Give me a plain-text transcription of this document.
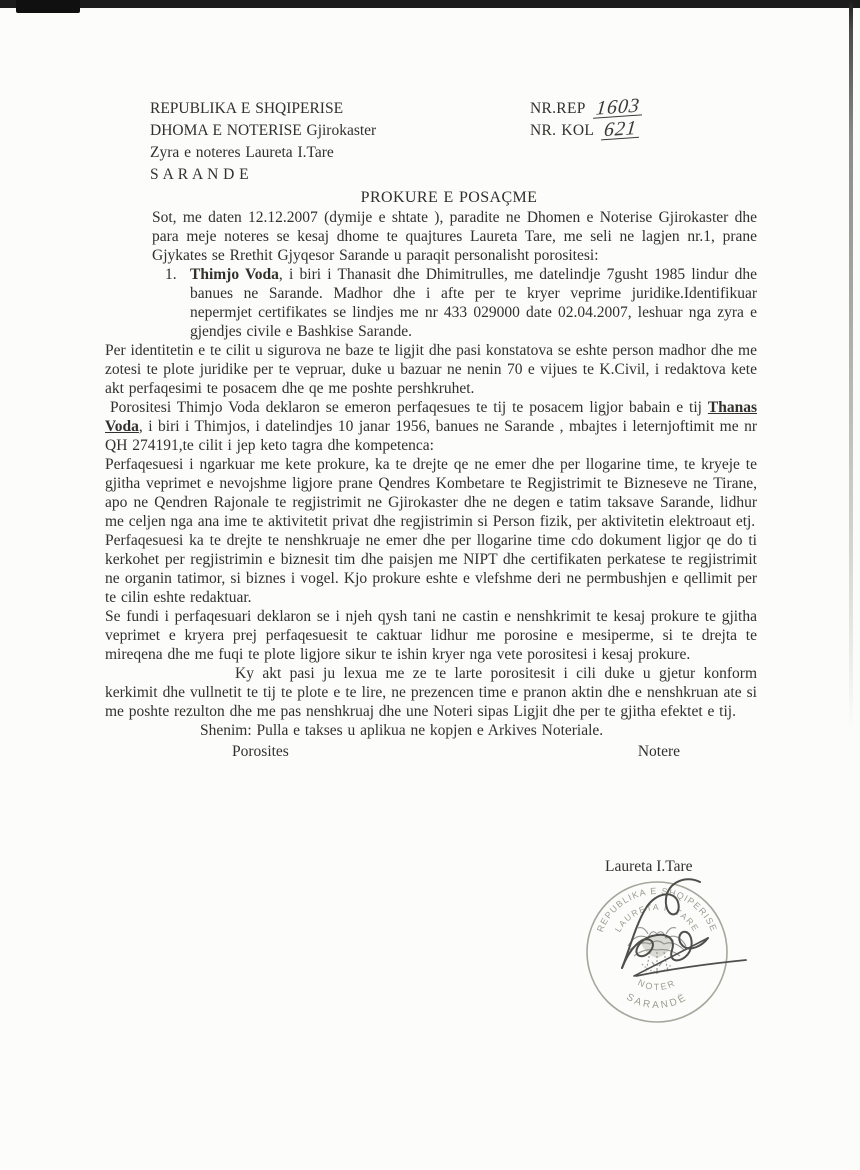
REPUBLIKA E SHQIPERISE
DHOMA E NOTERISE Gjirokaster
Zyra e noteres Laureta I.Tare
S A R A N D E
NR.REP 1603
NR. KOL 621
PROKURE E POSAÇME

Sot, me daten 12.12.2007 (dymije e shtate ), paradite ne Dhomen e Noterise Gjirokaster dhe para meje noteres se kesaj dhome te quajtures Laureta Tare, me seli ne lagjen nr.1, prane Gjykates se Rrethit Gjyqesor Sarande u paraqit personalisht porositesi:

1. Thimjo Voda, i biri i Thanasit dhe Dhimitrulles, me datelindje 7gusht 1985 lindur dhe banues ne Sarande. Madhor dhe i afte per te kryer veprime juridike.Identifikuar nepermjet certifikates se lindjes me nr 433 029000 date 02.04.2007, leshuar nga zyra e gjendjes civile e Bashkise Sarande.

Per identitetin e te cilit u sigurova ne baze te ligjit dhe pasi konstatova se eshte person madhor dhe me zotesi te plote juridike per te vepruar, duke u bazuar ne nenin 70 e vijues te K.Civil, i redaktova kete akt perfaqesimi te posacem dhe qe me poshte pershkruhet.

Porositesi Thimjo Voda deklaron se emeron perfaqesues te tij te posacem ligjor babain e tij Thanas Voda, i biri i Thimjos, i datelindjes 10 janar 1956, banues ne Sarande , mbajtes i leternjoftimit me nr QH 274191,te cilit i jep keto tagra dhe kompetenca:

Perfaqesuesi i ngarkuar me kete prokure, ka te drejte qe ne emer dhe per llogarine time, te kryeje te gjitha veprimet e nevojshme ligjore prane Qendres Kombetare te Regjistrimit te Bizneseve ne Tirane, apo ne Qendren Rajonale te regjistrimit ne Gjirokaster dhe ne degen e tatim taksave Sarande, lidhur me celjen nga ana ime te aktivitetit privat dhe regjistrimin si Person fizik, per aktivitetin elektroaut etj.

Perfaqesuesi ka te drejte te nenshkruaje ne emer dhe per llogarine time cdo dokument ligjor qe do ti kerkohet per regjistrimin e biznesit tim dhe paisjen me NIPT dhe certifikaten perkatese te regjistrimit ne organin tatimor, si biznes i vogel. Kjo prokure eshte e vlefshme deri ne permbushjen e qellimit per te cilin eshte redaktuar.

Se fundi i perfaqesuari deklaron se i njeh qysh tani ne castin e nenshkrimit te kesaj prokure te gjitha veprimet e kryera prej perfaqesuesit te caktuar lidhur me porosine e mesiperme, si te drejta te mireqena dhe me fuqi te plote ligjore sikur te ishin kryer nga vete porositesi i kesaj prokure.

Ky akt pasi ju lexua me ze te larte porositesit i cili duke u gjetur konform kerkimit dhe vullnetit te tij te plote e te lire, ne prezencen time e pranon aktin dhe e nenshkruan ate si me poshte rezulton dhe me pas nenshkruaj dhe une Noteri sipas Ligjit dhe per te gjitha efektet e tij.

Shenim: Pulla e takses u aplikua ne kopjen e Arkives Noteriale.

Porosites	Notere
Laureta I.Tare
REPUBLIKA E SHQIPERISE
LAURETA I. TARE
NOTER
SARANDË
